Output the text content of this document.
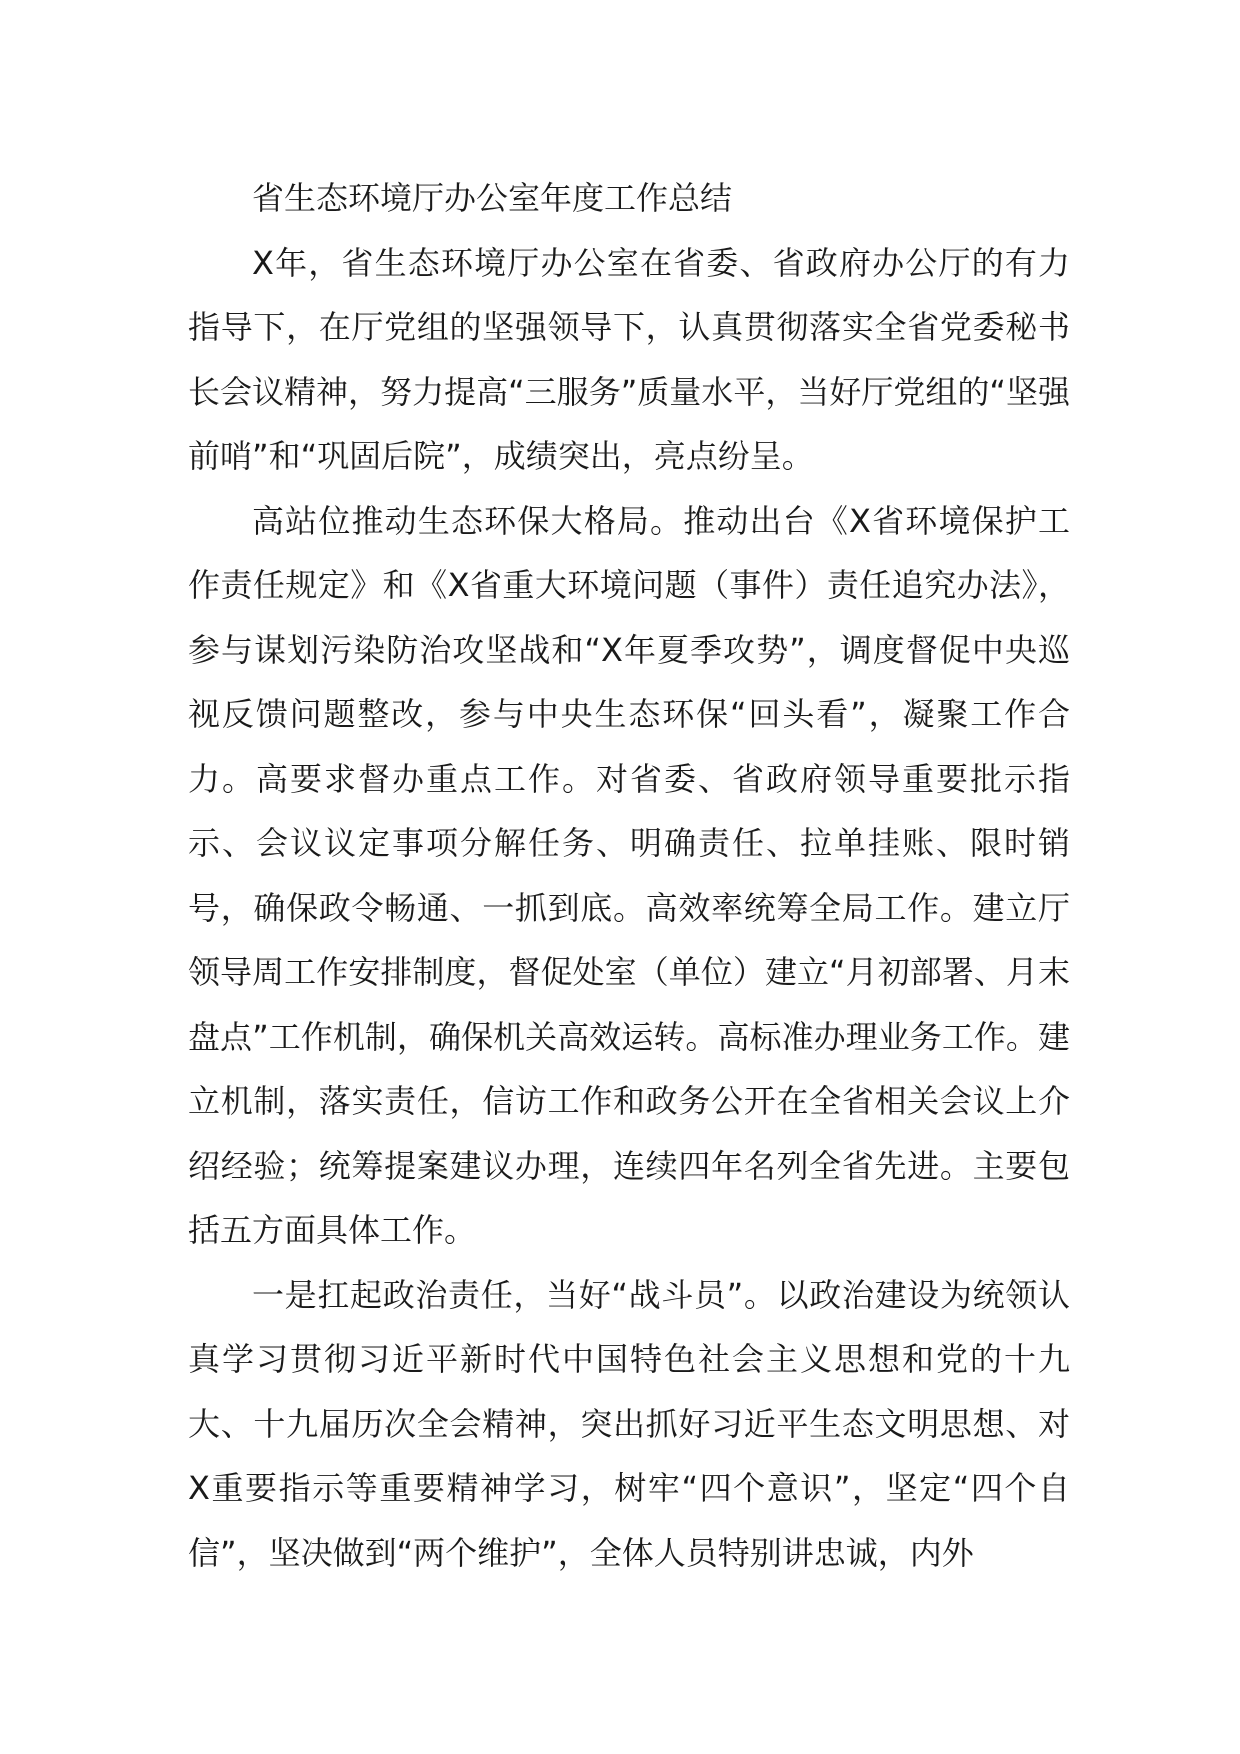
省生态环境厅办公室年度工作总结

X年，省生态环境厅办公室在省委、省政府办公厅的有力指导下，在厅党组的坚强领导下，认真贯彻落实全省党委秘书长会议精神，努力提高“三服务”质量水平，当好厅党组的“坚强前哨”和“巩固后院”，成绩突出，亮点纷呈。

高站位推动生态环保大格局。推动出台《X省环境保护工作责任规定》和《X省重大环境问题（事件）责任追究办法》，参与谋划污染防治攻坚战和“X年夏季攻势”，调度督促中央巡视反馈问题整改，参与中央生态环保“回头看”，凝聚工作合力。高要求督办重点工作。对省委、省政府领导重要批示指示、会议议定事项分解任务、明确责任、拉单挂账、限时销号，确保政令畅通、一抓到底。高效率统筹全局工作。建立厅领导周工作安排制度，督促处室（单位）建立“月初部署、月末盘点”工作机制，确保机关高效运转。高标准办理业务工作。建立机制，落实责任，信访工作和政务公开在全省相关会议上介绍经验；统筹提案建议办理，连续四年名列全省先进。主要包括五方面具体工作。

一是扛起政治责任，当好“战斗员”。以政治建设为统领认真学习贯彻习近平新时代中国特色社会主义思想和党的十九大、十九届历次全会精神，突出抓好习近平生态文明思想、对X重要指示等重要精神学习，树牢“四个意识”，坚定“四个自信”，坚决做到“两个维护”，全体人员特别讲忠诚，内外
